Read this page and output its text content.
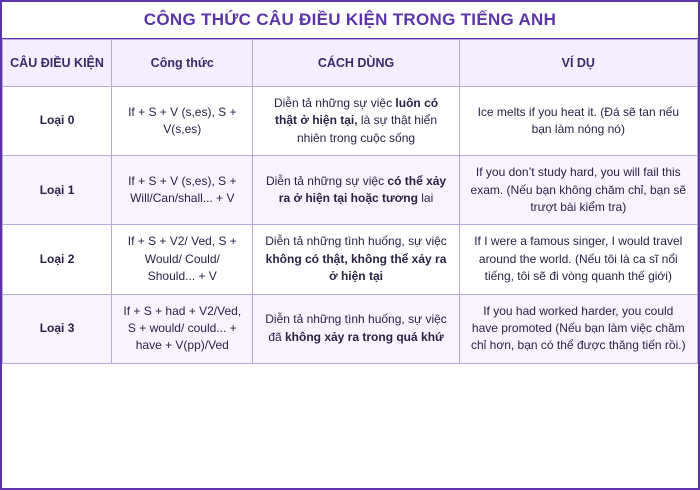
CÔNG THỨC CÂU ĐIỀU KIỆN TRONG TIẾNG ANH
CÂU ĐIỀU KIỆN	Công thức	CÁCH DÙNG	VÍ DỤ
Loại 0	If + S + V (s,es), S + V(s,es)	Diễn tả những sự việc luôn có thật ở hiện tại, là sự thật hiển nhiên trong cuộc sống	Ice melts if you heat it. (Đá sẽ tan nếu bạn làm nóng nó)
Loại 1	If + S + V (s,es), S + Will/Can/shall... + V	Diễn tả những sự việc có thể xảy ra ở hiện tại hoặc tương lai	If you don’t study hard, you will fail this exam. (Nếu bạn không chăm chỉ, bạn sẽ trượt bài kiểm tra)
Loại 2	If + S + V2/ Ved, S + Would/ Could/ Should... + V	Diễn tả những tình huống, sự việc không có thật, không thể xảy ra ở hiện tại	If I were a famous singer, I would travel around the world. (Nếu tôi là ca sĩ nổi tiếng, tôi sẽ đi vòng quanh thế giới)
Loại 3	If + S + had + V2/Ved, S + would/ could... + have + V(pp)/Ved	Diễn tả những tình huống, sự việc đã không xảy ra trong quá khứ	If you had worked harder, you could have promoted (Nếu bạn làm việc chăm chỉ hơn, bạn có thể được thăng tiến rồi.)
